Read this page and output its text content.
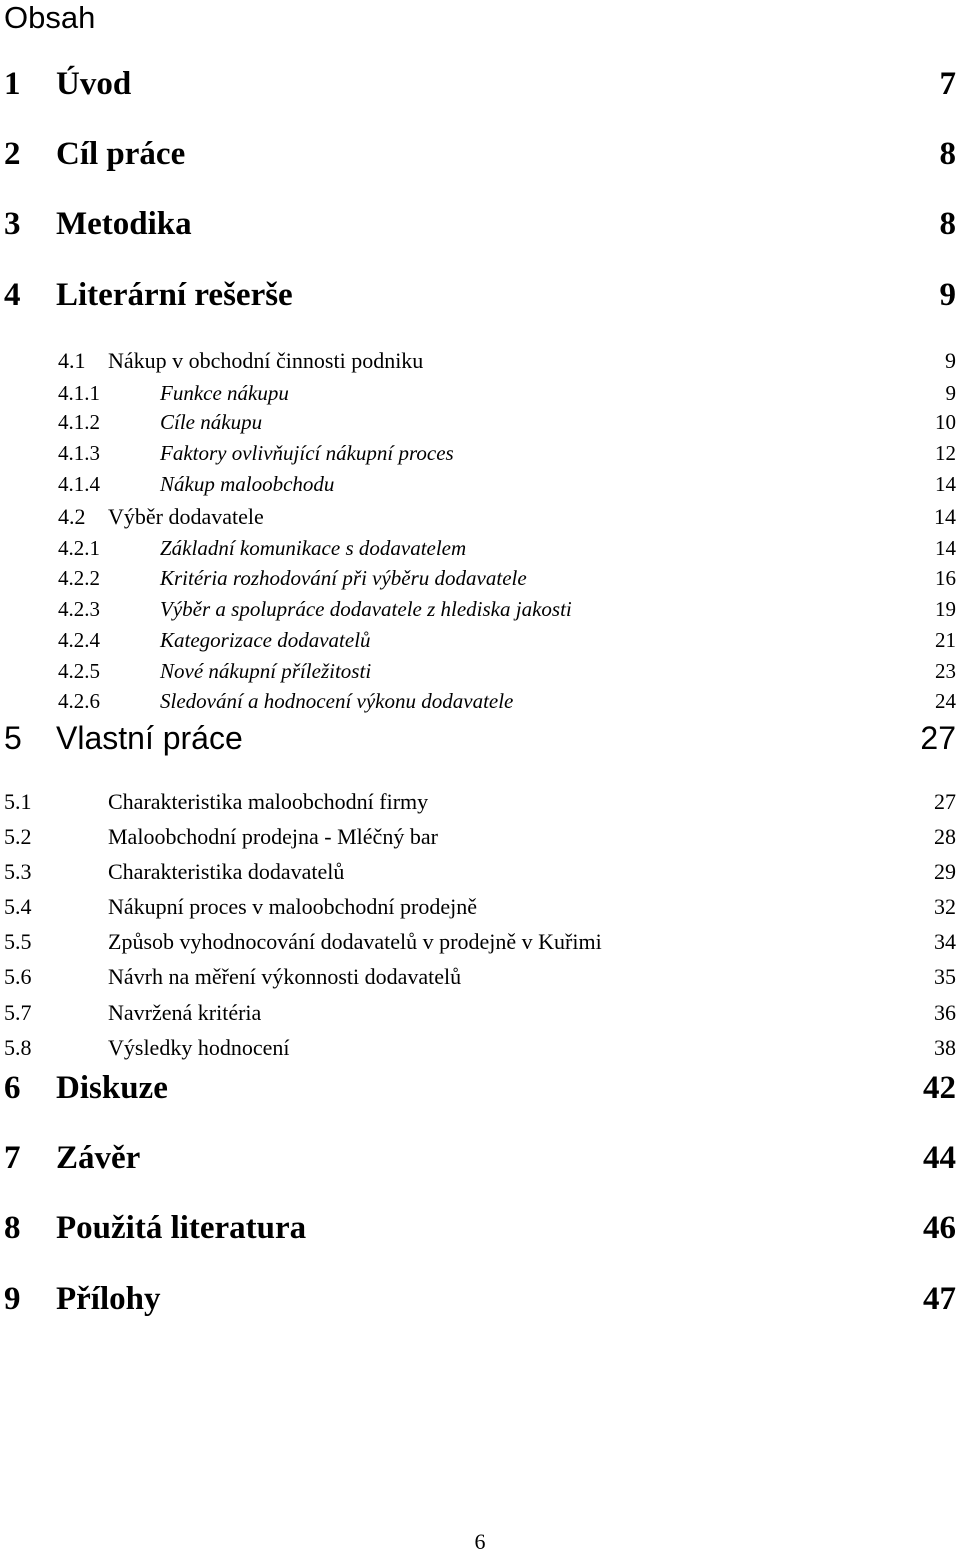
Obsah
1	Úvod	7
2	Cíl práce	8
3	Metodika	8
4	Literární rešerše	9
4.1	Nákup v obchodní činnosti podniku	9
4.1.1	Funkce nákupu	9
4.1.2	Cíle nákupu	10
4.1.3	Faktory ovlivňující nákupní proces	12
4.1.4	Nákup maloobchodu	14
4.2	Výběr dodavatele	14
4.2.1	Základní komunikace s dodavatelem	14
4.2.2	Kritéria rozhodování při výběru dodavatele	16
4.2.3	Výběr a spolupráce dodavatele z hlediska jakosti	19
4.2.4	Kategorizace dodavatelů	21
4.2.5	Nové nákupní příležitosti	23
4.2.6	Sledování a hodnocení výkonu dodavatele	24
5	Vlastní práce	27
5.1	Charakteristika maloobchodní firmy	27
5.2	Maloobchodní prodejna - Mléčný bar	28
5.3	Charakteristika dodavatelů	29
5.4	Nákupní proces v maloobchodní prodejně	32
5.5	Způsob vyhodnocování dodavatelů v prodejně v Kuřimi	34
5.6	Návrh na měření výkonnosti dodavatelů	35
5.7	Navržená kritéria	36
5.8	Výsledky hodnocení	38
6	Diskuze	42
7	Závěr	44
8	Použitá literatura	46
9	Přílohy	47
6
